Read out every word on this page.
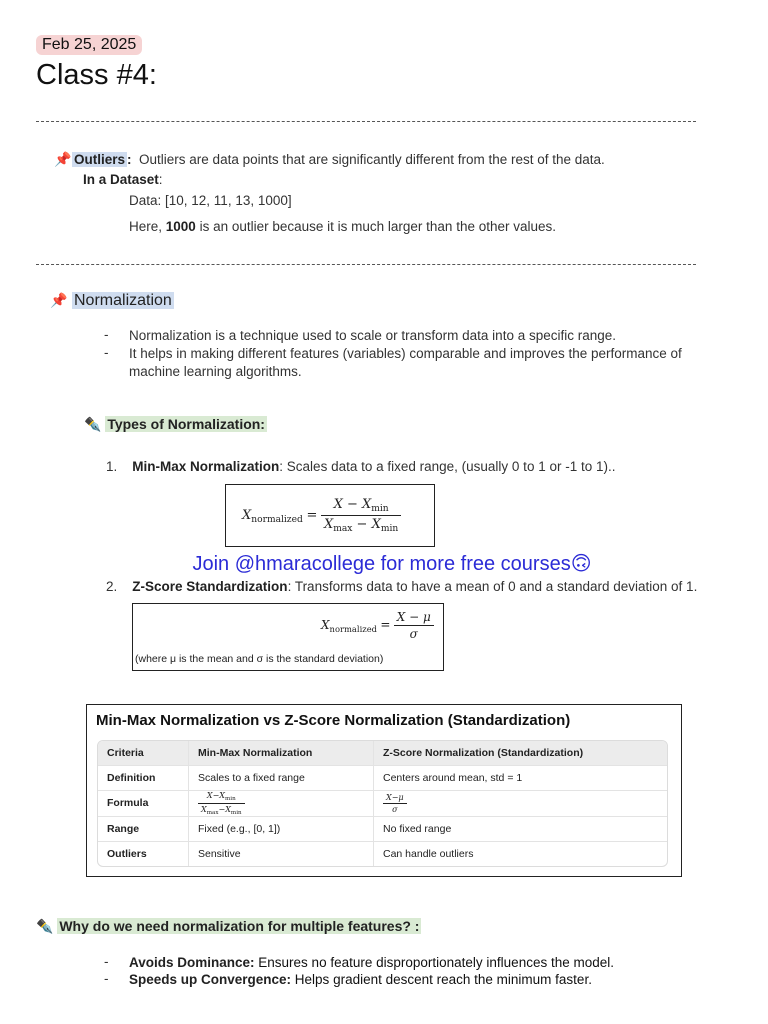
Feb 25, 2025
Class #4:
📌 Outliers : Outliers are data points that are significantly different from the rest of the data.
In a Dataset:
Data: [10, 12, 11, 13, 1000]
Here, 1000 is an outlier because it is much larger than the other values.
📌 Normalization
- Normalization is a technique used to scale or transform data into a specific range.
- It helps in making different features (variables) comparable and improves the performance of machine learning algorithms.
✒️ Types of Normalization:
1. Min-Max Normalization: Scales data to a fixed range, (usually 0 to 1 or -1 to 1)..
$X_{normalized} = \frac{X - X_{min}}{X_{max} - X_{min}}$
Join @hmaracollege for more free courses🙃
2. Z-Score Standardization: Transforms data to have a mean of 0 and a standard deviation of 1.
$X_{normalized} = \frac{X - \mu}{\sigma}$
(where μ is the mean and σ is the standard deviation)
Min-Max Normalization vs Z-Score Normalization (Standardization)
Criteria	Min-Max Normalization	Z-Score Normalization (Standardization)
Definition	Scales to a fixed range	Centers around mean, std = 1
Formula	$\frac{X-X_{min}}{X_{max}-X_{min}}$	$\frac{X-\mu}{\sigma}$

Range	Fixed (e.g., [0, 1])	No fixed range
Outliers	Sensitive	Can handle outliers
✒️ Why do we need normalization for multiple features? :
- Avoids Dominance: Ensures no feature disproportionately influences the model.
- Speeds up Convergence: Helps gradient descent reach the minimum faster.
